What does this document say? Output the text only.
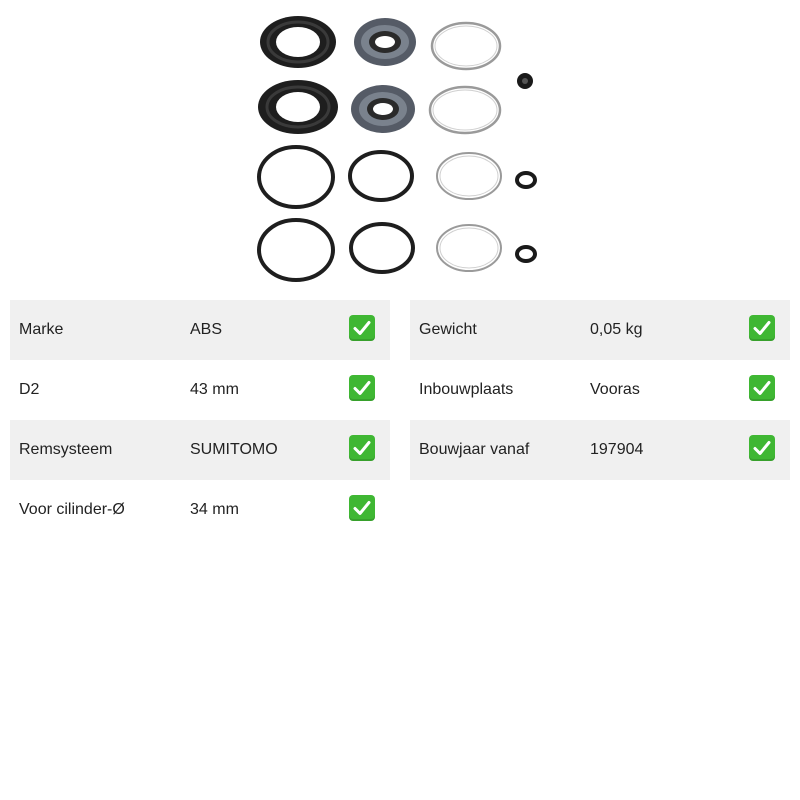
Marke	ABS
D2	43 mm
Remsysteem	SUMITOMO
Voor cilinder-Ø	34 mm
Gewicht	0,05 kg
Inbouwplaats	Vooras
Bouwjaar vanaf	197904
